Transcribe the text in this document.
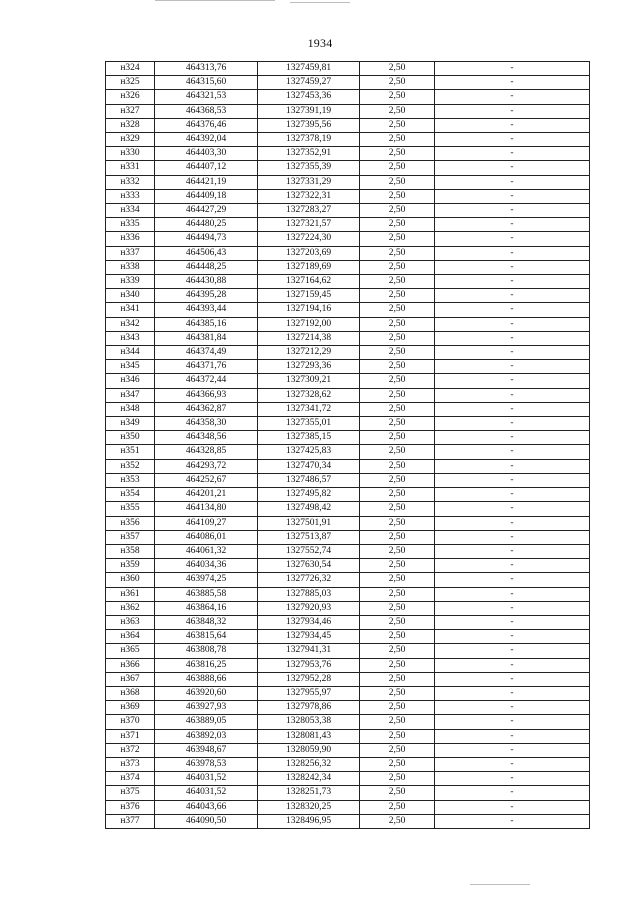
1934
н324	464313,76	1327459,81	2,50	-
н325	464315,60	1327459,27	2,50	-
н326	464321,53	1327453,36	2,50	-
н327	464368,53	1327391,19	2,50	-
н328	464376,46	1327395,56	2,50	-
н329	464392,04	1327378,19	2,50	-
н330	464403,30	1327352,91	2,50	-
н331	464407,12	1327355,39	2,50	-
н332	464421,19	1327331,29	2,50	-
н333	464409,18	1327322,31	2,50	-
н334	464427,29	1327283,27	2,50	-
н335	464480,25	1327321,57	2,50	-
н336	464494,73	1327224,30	2,50	-
н337	464506,43	1327203,69	2,50	-
н338	464448,25	1327189,69	2,50	-
н339	464430,88	1327164,62	2,50	-
н340	464395,28	1327159,45	2,50	-
н341	464393,44	1327194,16	2,50	-
н342	464385,16	1327192,00	2,50	-
н343	464381,84	1327214,38	2,50	-
н344	464374,49	1327212,29	2,50	-
н345	464371,76	1327293,36	2,50	-
н346	464372,44	1327309,21	2,50	-
н347	464366,93	1327328,62	2,50	-
н348	464362,87	1327341,72	2,50	-
н349	464358,30	1327355,01	2,50	-
н350	464348,56	1327385,15	2,50	-
н351	464328,85	1327425,83	2,50	-
н352	464293,72	1327470,34	2,50	-
н353	464252,67	1327486,57	2,50	-
н354	464201,21	1327495,82	2,50	-
н355	464134,80	1327498,42	2,50	-
н356	464109,27	1327501,91	2,50	-
н357	464086,01	1327513,87	2,50	-
н358	464061,32	1327552,74	2,50	-
н359	464034,36	1327630,54	2,50	-
н360	463974,25	1327726,32	2,50	-
н361	463885,58	1327885,03	2,50	-
н362	463864,16	1327920,93	2,50	-
н363	463848,32	1327934,46	2,50	-
н364	463815,64	1327934,45	2,50	-
н365	463808,78	1327941,31	2,50	-
н366	463816,25	1327953,76	2,50	-
н367	463888,66	1327952,28	2,50	-
н368	463920,60	1327955,97	2,50	-
н369	463927,93	1327978,86	2,50	-
н370	463889,05	1328053,38	2,50	-
н371	463892,03	1328081,43	2,50	-
н372	463948,67	1328059,90	2,50	-
н373	463978,53	1328256,32	2,50	-
н374	464031,52	1328242,34	2,50	-
н375	464031,52	1328251,73	2,50	-
н376	464043,66	1328320,25	2,50	-
н377	464090,50	1328496,95	2,50	-
